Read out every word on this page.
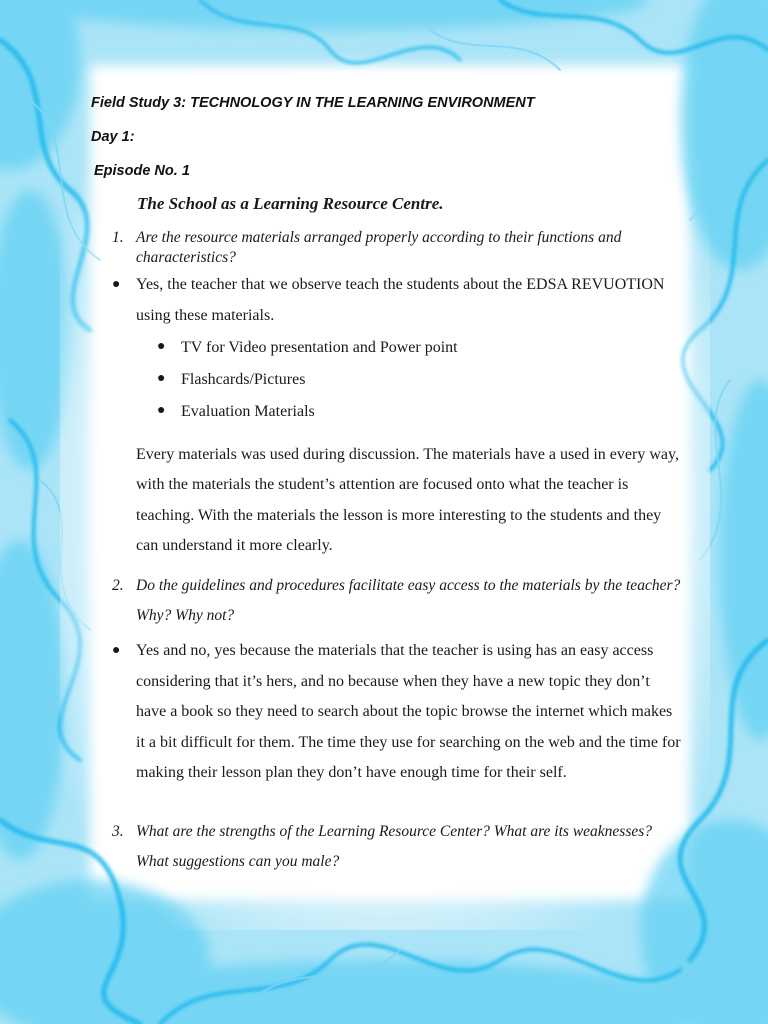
Field Study 3: TECHNOLOGY IN THE LEARNING ENVIRONMENT
Day 1:
Episode No. 1
The School as a Learning Resource Centre.
1. Are the resource materials arranged properly according to their functions and characteristics?
● Yes, the teacher that we observe teach the students about the EDSA REVUOTION using these materials.
● TV for Video presentation and Power point
● Flashcards/Pictures
● Evaluation Materials
Every materials was used during discussion. The materials have a used in every way, with the materials the student’s attention are focused onto what the teacher is teaching. With the materials the lesson is more interesting to the students and they can understand it more clearly.
2. Do the guidelines and procedures facilitate easy access to the materials by the teacher? Why? Why not?
● Yes and no, yes because the materials that the teacher is using has an easy access considering that it’s hers, and no because when they have a new topic they don’t have a book so they need to search about the topic browse the internet which makes it a bit difficult for them. The time they use for searching on the web and the time for making their lesson plan they don’t have enough time for their self.
3. What are the strengths of the Learning Resource Center? What are its weaknesses? What suggestions can you male?
